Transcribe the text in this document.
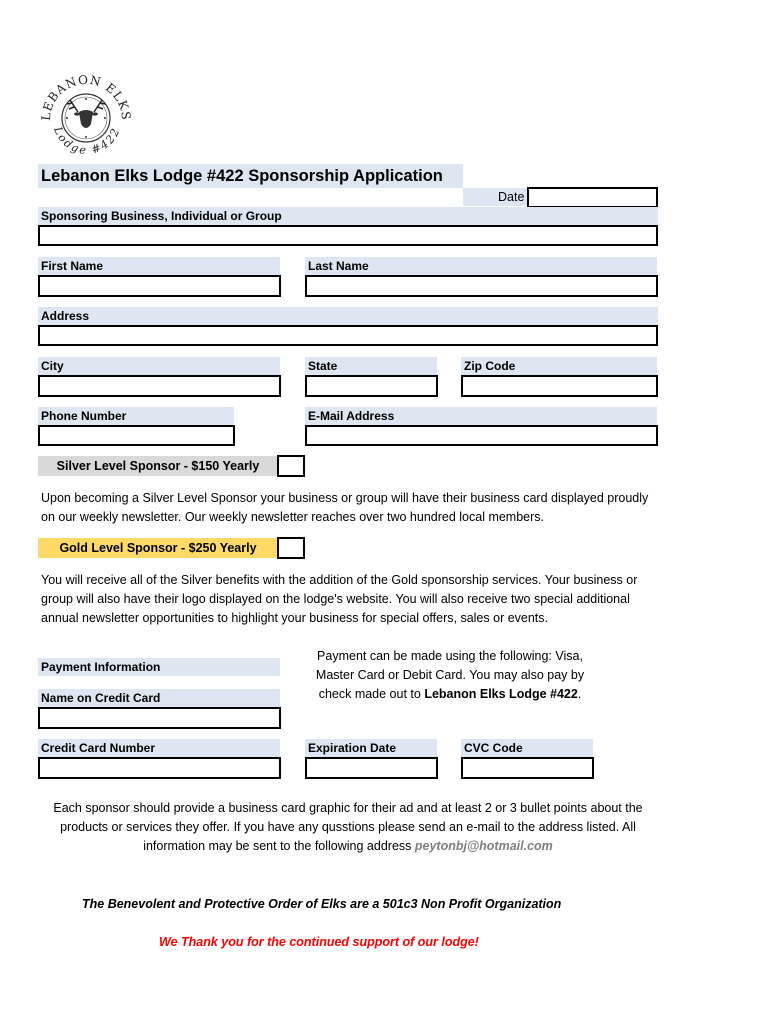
LEBANON ELKS
Lodge #422
Lebanon Elks Lodge #422 Sponsorship Application
Date
Sponsoring Business, Individual or Group
First Name	Last Name
Address
City	State	Zip Code
Phone Number	E-Mail Address
Silver Level Sponsor - $150 Yearly
Upon becoming a Silver Level Sponsor your business or group will have their business card displayed proudly
on our weekly newsletter. Our weekly newsletter reaches over two hundred local members.
Gold Level Sponsor - $250 Yearly
You will receive all of the Silver benefits with the addition of the Gold sponsorship services. Your business or
group will also have their logo displayed on the lodge's website. You will also receive two special additional
annual newsletter opportunities to highlight your business for special offers, sales or events.
Payment Information
Payment can be made using the following: Visa,
Master Card or Debit Card. You may also pay by
check made out to Lebanon Elks Lodge #422.
Name on Credit Card
Credit Card Number	Expiration Date	CVC Code
Each sponsor should provide a business card graphic for their ad and at least 2 or 3 bullet points about the
products or services they offer. If you have any qusstions please send an e-mail to the address listed. All
information may be sent to the following address peytonbj@hotmail.com
The Benevolent and Protective Order of Elks are a 501c3 Non Profit Organization
We Thank you for the continued support of our lodge!
